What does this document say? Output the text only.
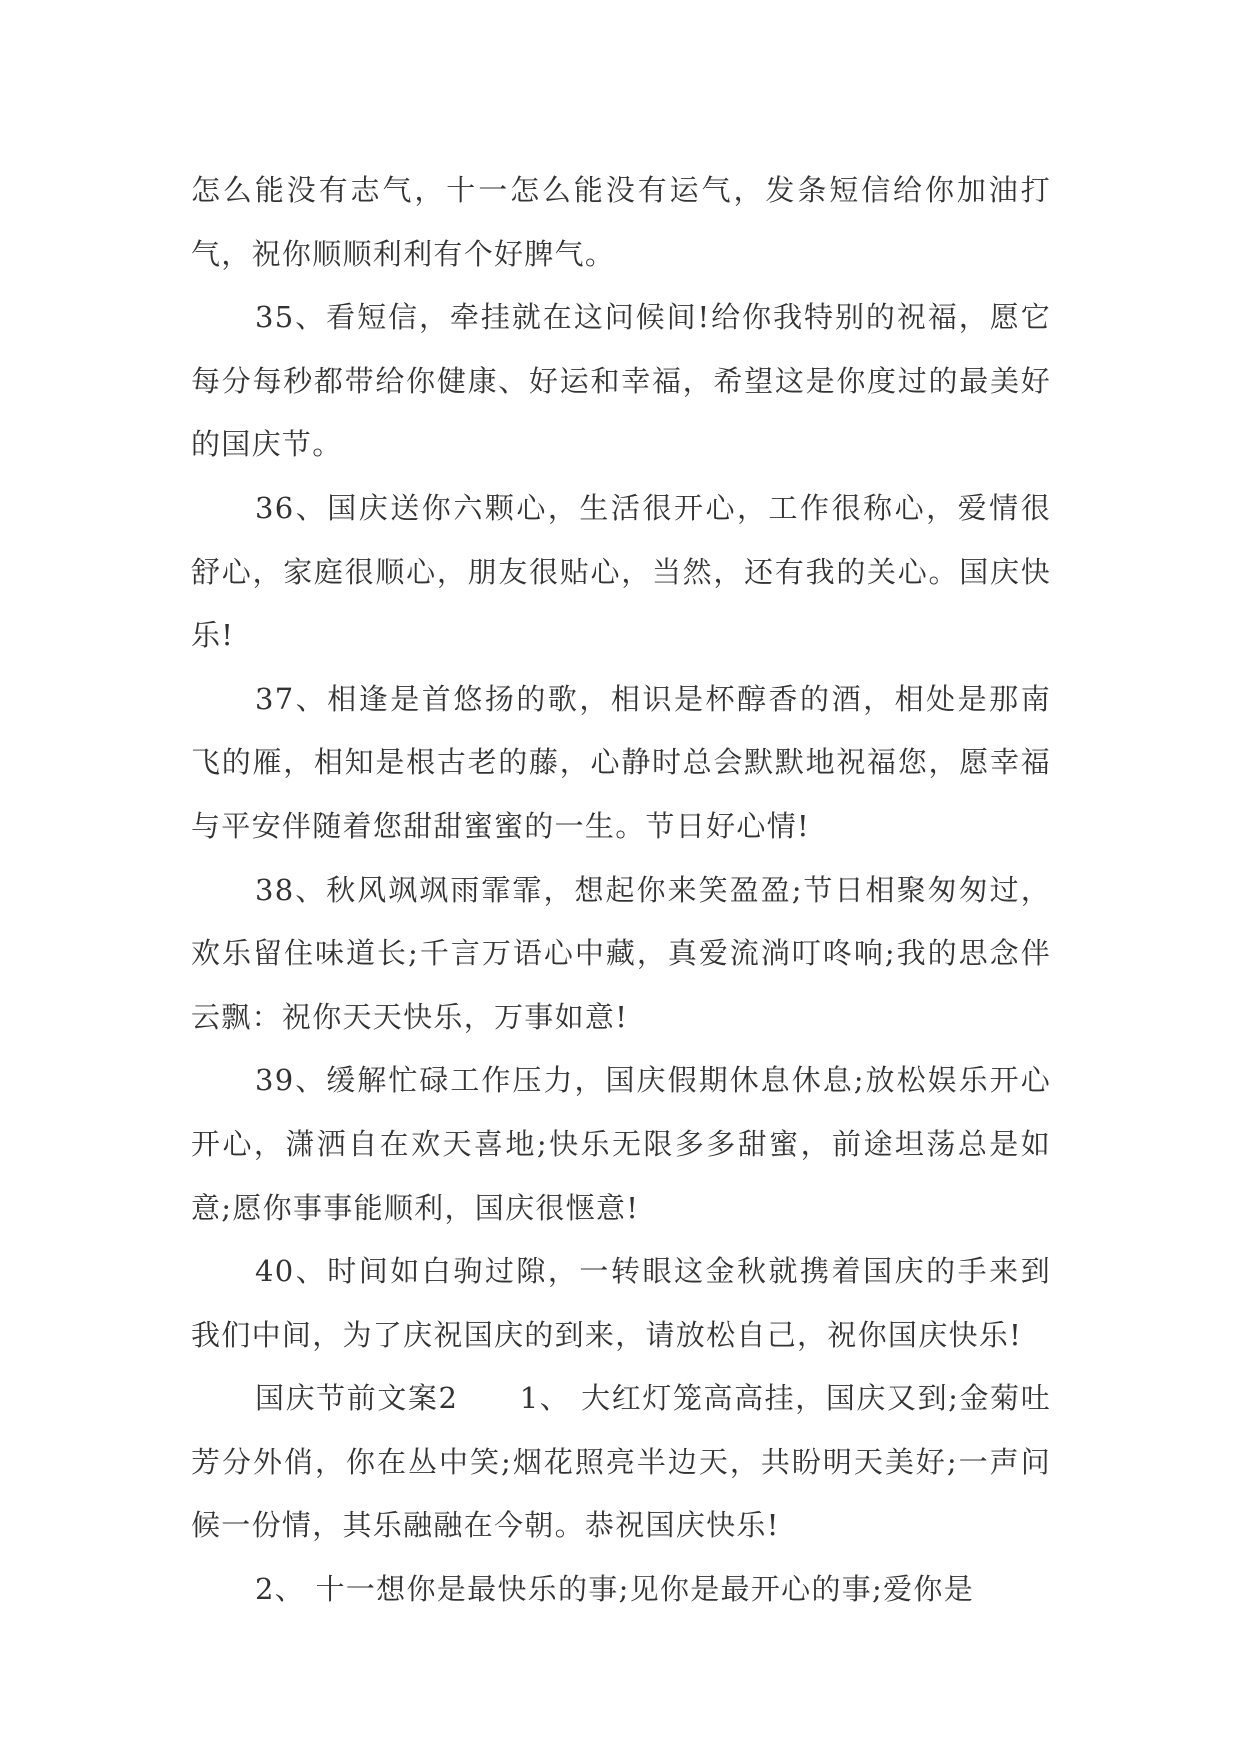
怎么能没有志气，十一怎么能没有运气，发条短信给你加油打气，祝你顺顺利利有个好脾气。

35、看短信，牵挂就在这问候间!给你我特别的祝福，愿它每分每秒都带给你健康、好运和幸福，希望这是你度过的最美好的国庆节。

36、国庆送你六颗心，生活很开心，工作很称心，爱情很舒心，家庭很顺心，朋友很贴心，当然，还有我的关心。国庆快乐!

37、相逢是首悠扬的歌，相识是杯醇香的酒，相处是那南飞的雁，相知是根古老的藤，心静时总会默默地祝福您，愿幸福与平安伴随着您甜甜蜜蜜的一生。节日好心情!

38、秋风飒飒雨霏霏，想起你来笑盈盈;节日相聚匆匆过，欢乐留住味道长;千言万语心中藏，真爱流淌叮咚响;我的思念伴云飘：祝你天天快乐，万事如意!

39、缓解忙碌工作压力，国庆假期休息休息;放松娱乐开心开心，潇洒自在欢天喜地;快乐无限多多甜蜜，前途坦荡总是如意;愿你事事能顺利，国庆很惬意!

40、时间如白驹过隙，一转眼这金秋就携着国庆的手来到我们中间，为了庆祝国庆的到来，请放松自己，祝你国庆快乐!

国庆节前文案2　　1、 大红灯笼高高挂，国庆又到;金菊吐芳分外俏，你在丛中笑;烟花照亮半边天，共盼明天美好;一声问候一份情，其乐融融在今朝。恭祝国庆快乐!

2、 十一想你是最快乐的事;见你是最开心的事;爱你是
